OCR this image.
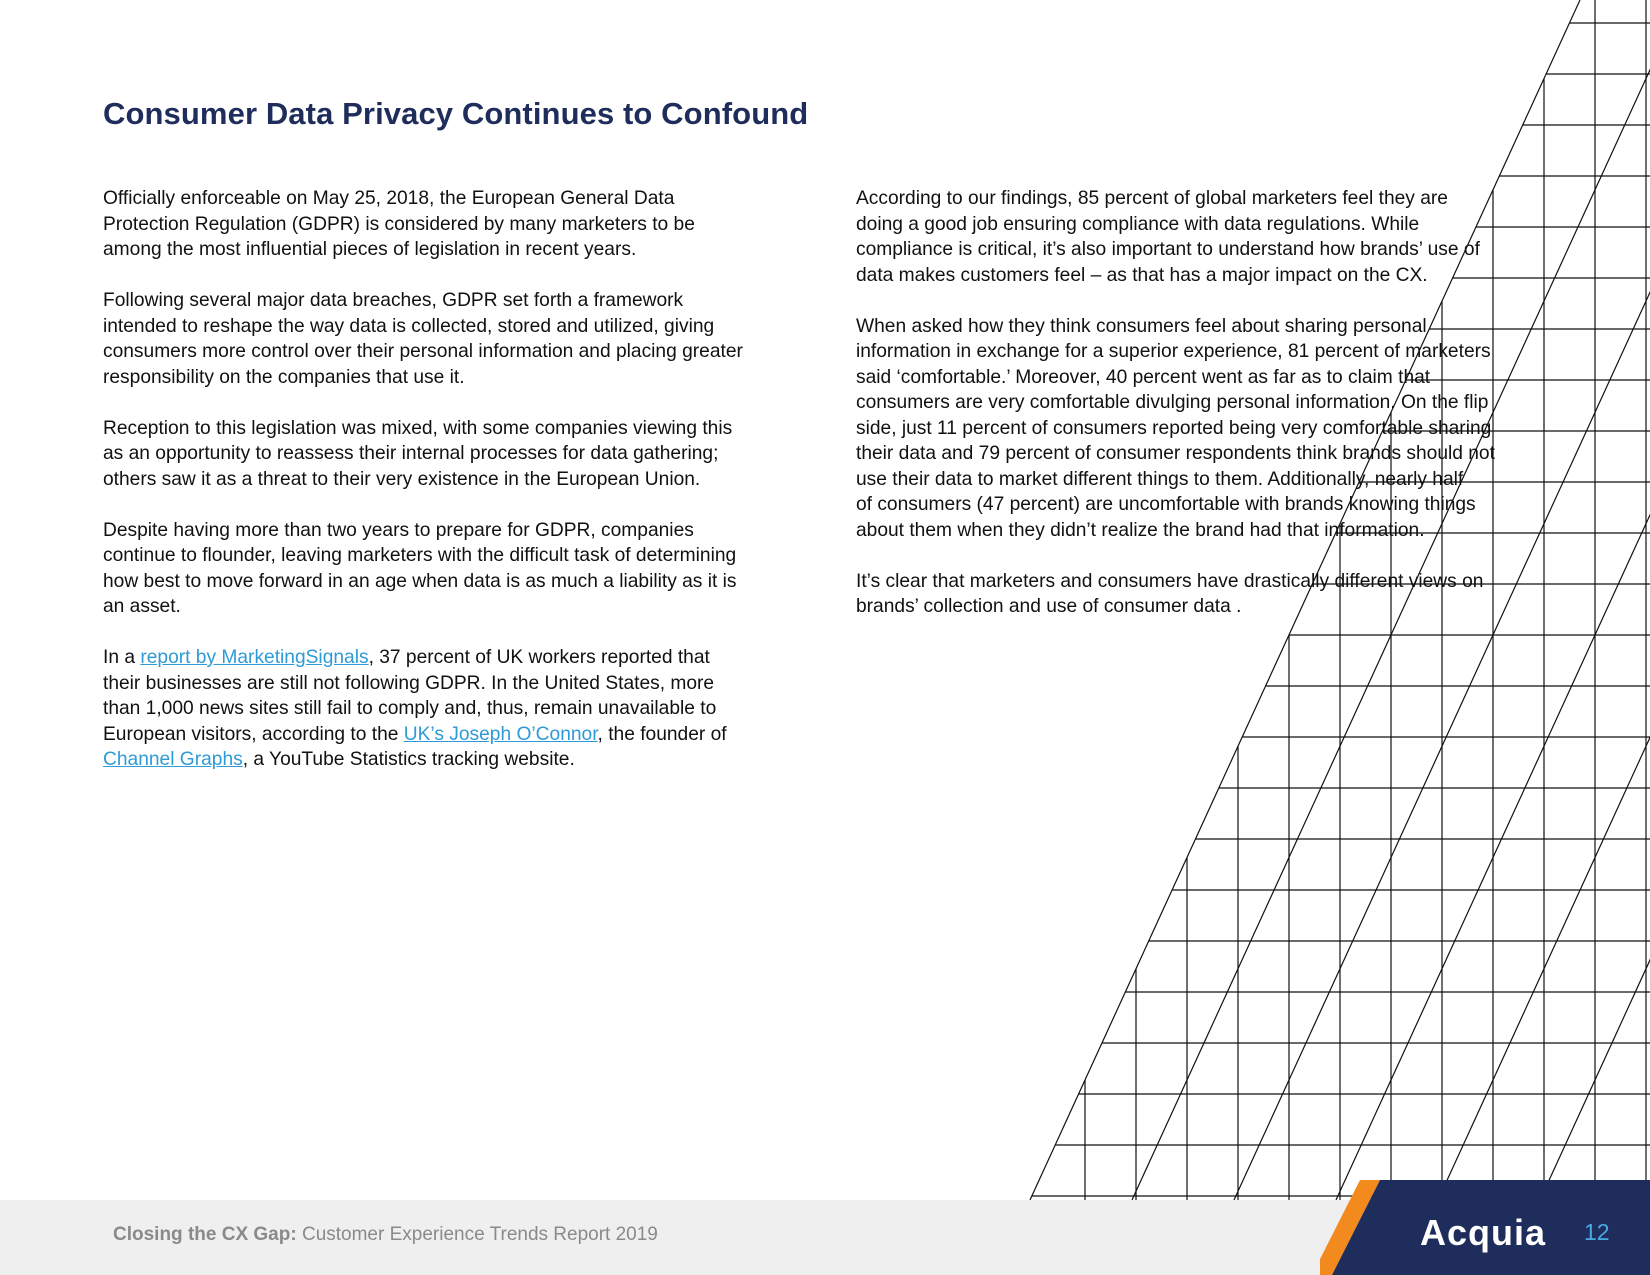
Consumer Data Privacy Continues to Confound

Officially enforceable on May 25, 2018, the European General Data
Protection Regulation (GDPR) is considered by many marketers to be
among the most influential pieces of legislation in recent years.

Following several major data breaches, GDPR set forth a framework
intended to reshape the way data is collected, stored and utilized, giving
consumers more control over their personal information and placing greater
responsibility on the companies that use it.

Reception to this legislation was mixed, with some companies viewing this
as an opportunity to reassess their internal processes for data gathering;
others saw it as a threat to their very existence in the European Union.

Despite having more than two years to prepare for GDPR, companies
continue to flounder, leaving marketers with the difficult task of determining
how best to move forward in an age when data is as much a liability as it is
an asset.

In a report by MarketingSignals, 37 percent of UK workers reported that
their businesses are still not following GDPR. In the United States, more
than 1,000 news sites still fail to comply and, thus, remain unavailable to
European visitors, according to the UK’s Joseph O’Connor, the founder of
Channel Graphs, a YouTube Statistics tracking website.

According to our findings, 85 percent of global marketers feel they are
doing a good job ensuring compliance with data regulations. While
compliance is critical, it’s also important to understand how brands’ use of
data makes customers feel – as that has a major impact on the CX.

When asked how they think consumers feel about sharing personal
information in exchange for a superior experience, 81 percent of marketers
said ‘comfortable.’ Moreover, 40 percent went as far as to claim that
consumers are very comfortable divulging personal information. On the flip
side, just 11 percent of consumers reported being very comfortable sharing
their data and 79 percent of consumer respondents think brands should not
use their data to market different things to them. Additionally, nearly half
of consumers (47 percent) are uncomfortable with brands knowing things
about them when they didn’t realize the brand had that information.

It’s clear that marketers and consumers have drastically different views on
brands’ collection and use of consumer data .

Closing the CX Gap: Customer Experience Trends Report 2019	Acquia 12
